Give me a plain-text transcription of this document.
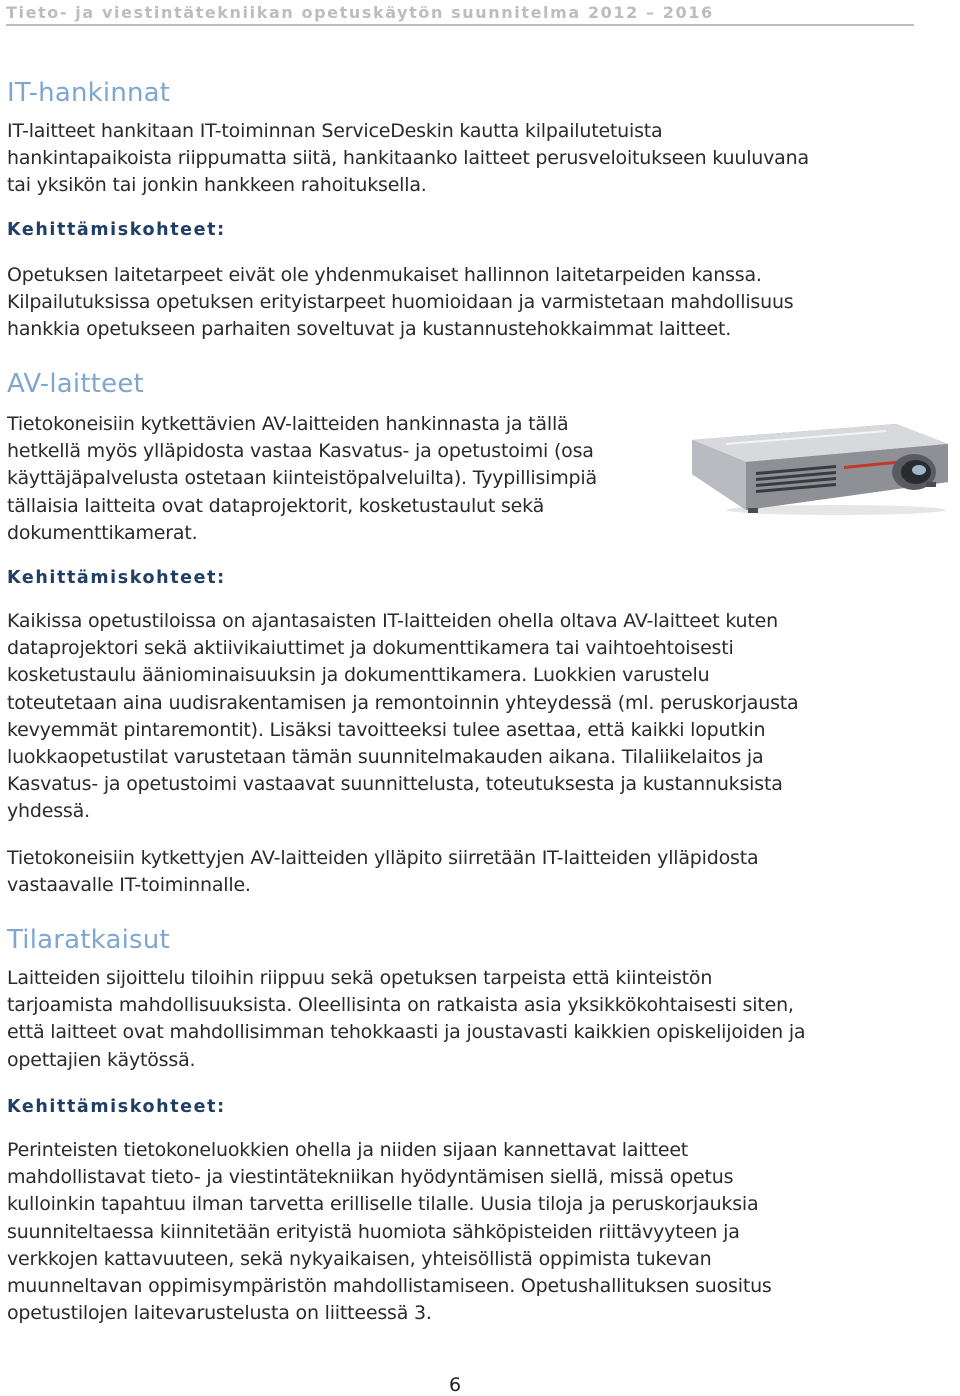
Tieto- ja viestintätekniikan opetuskäytön suunnitelma 2012 – 2016
IT-hankinnat
IT-laitteet hankitaan IT-toiminnan ServiceDeskin kautta kilpailutetuista
hankintapaikoista riippumatta siitä, hankitaanko laitteet perusveloitukseen kuuluvana
tai yksikön tai jonkin hankkeen rahoituksella.
Kehittämiskohteet:
Opetuksen laitetarpeet eivät ole yhdenmukaiset hallinnon laitetarpeiden kanssa.
Kilpailutuksissa opetuksen erityistarpeet huomioidaan ja varmistetaan mahdollisuus
hankkia opetukseen parhaiten soveltuvat ja kustannustehokkaimmat laitteet.
AV-laitteet
Tietokoneisiin kytkettävien AV-laitteiden hankinnasta ja tällä
hetkellä myös ylläpidosta vastaa Kasvatus- ja opetustoimi (osa
käyttäjäpalvelusta ostetaan kiinteistöpalveluilta). Tyypillisimpiä
tällaisia laitteita ovat dataprojektorit, kosketustaulut sekä
dokumenttikamerat.
Kehittämiskohteet:
Kaikissa opetustiloissa on ajantasaisten IT-laitteiden ohella oltava AV-laitteet kuten
dataprojektori sekä aktiivikaiuttimet ja dokumenttikamera tai vaihtoehtoisesti
kosketustaulu ääniominaisuuksin ja dokumenttikamera. Luokkien varustelu
toteutetaan aina uudisrakentamisen ja remontoinnin yhteydessä (ml. peruskorjausta
kevyemmät pintaremontit). Lisäksi tavoitteeksi tulee asettaa, että kaikki loputkin
luokkaopetustilat varustetaan tämän suunnitelmakauden aikana. Tilaliikelaitos ja
Kasvatus- ja opetustoimi vastaavat suunnittelusta, toteutuksesta ja kustannuksista
yhdessä.
Tietokoneisiin kytkettyjen AV-laitteiden ylläpito siirretään IT-laitteiden ylläpidosta
vastaavalle IT-toiminnalle.
Tilaratkaisut
Laitteiden sijoittelu tiloihin riippuu sekä opetuksen tarpeista että kiinteistön
tarjoamista mahdollisuuksista. Oleellisinta on ratkaista asia yksikkökohtaisesti siten,
että laitteet ovat mahdollisimman tehokkaasti ja joustavasti kaikkien opiskelijoiden ja
opettajien käytössä.
Kehittämiskohteet:
Perinteisten tietokoneluokkien ohella ja niiden sijaan kannettavat laitteet
mahdollistavat tieto- ja viestintätekniikan hyödyntämisen siellä, missä opetus
kulloinkin tapahtuu ilman tarvetta erilliselle tilalle. Uusia tiloja ja peruskorjauksia
suunniteltaessa kiinnitetään erityistä huomiota sähköpisteiden riittävyyteen ja
verkkojen kattavuuteen, sekä nykyaikaisen, yhteisöllistä oppimista tukevan
muunneltavan oppimisympäristön mahdollistamiseen. Opetushallituksen suositus
opetustilojen laitevarustelusta on liitteessä 3.
6
